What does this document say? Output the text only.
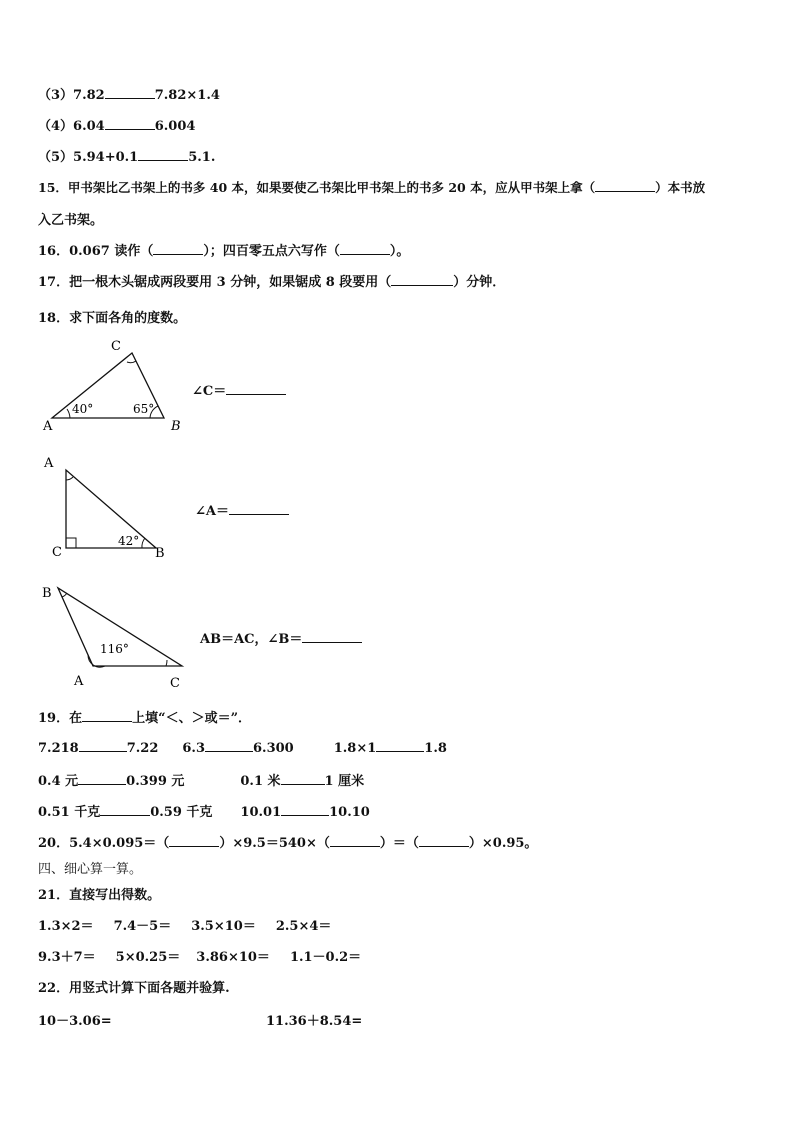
（3）7.82	7.82×1.4
（4）6.04	6.004
（5）5.94+0.1	5.1.
15．甲书架比乙书架上的书多 40 本，如果要使乙书架比甲书架上的书多 20 本，应从甲书架上拿（	）本书放
入乙书架。
16．0.067 读作（	）；四百零五点六写作（	）。
17．把一根木头锯成两段要用 3 分钟，如果锯成 8 段要用（	）分钟．
18．求下面各角的度数。
A	B
C
40°	65°
∠C＝
A
B
C
42°
∠A＝
B
A	C
116°
AB＝AC，∠B＝
19．在	上填“＜、＞或＝”．
7.218	7.22 6.3	6.300	1.8×1	1.8
0.4 元	0.399 元	0.1 米	1 厘米
0.51 千克	0.59 千克 10.01	10.10
20．5.4×0.095＝（	）×9.5＝540×（	）＝（	）×0.95。
四、细心算一算。
21．直接写出得数。
1.3×2＝ 7.4－5＝ 3.5×10＝ 2.5×4＝
9.3＋7＝ 5×0.25＝ 3.86×10＝ 1.1－0.2＝
22．用竖式计算下面各题并验算.
10－3.06=	11.36＋8.54=
